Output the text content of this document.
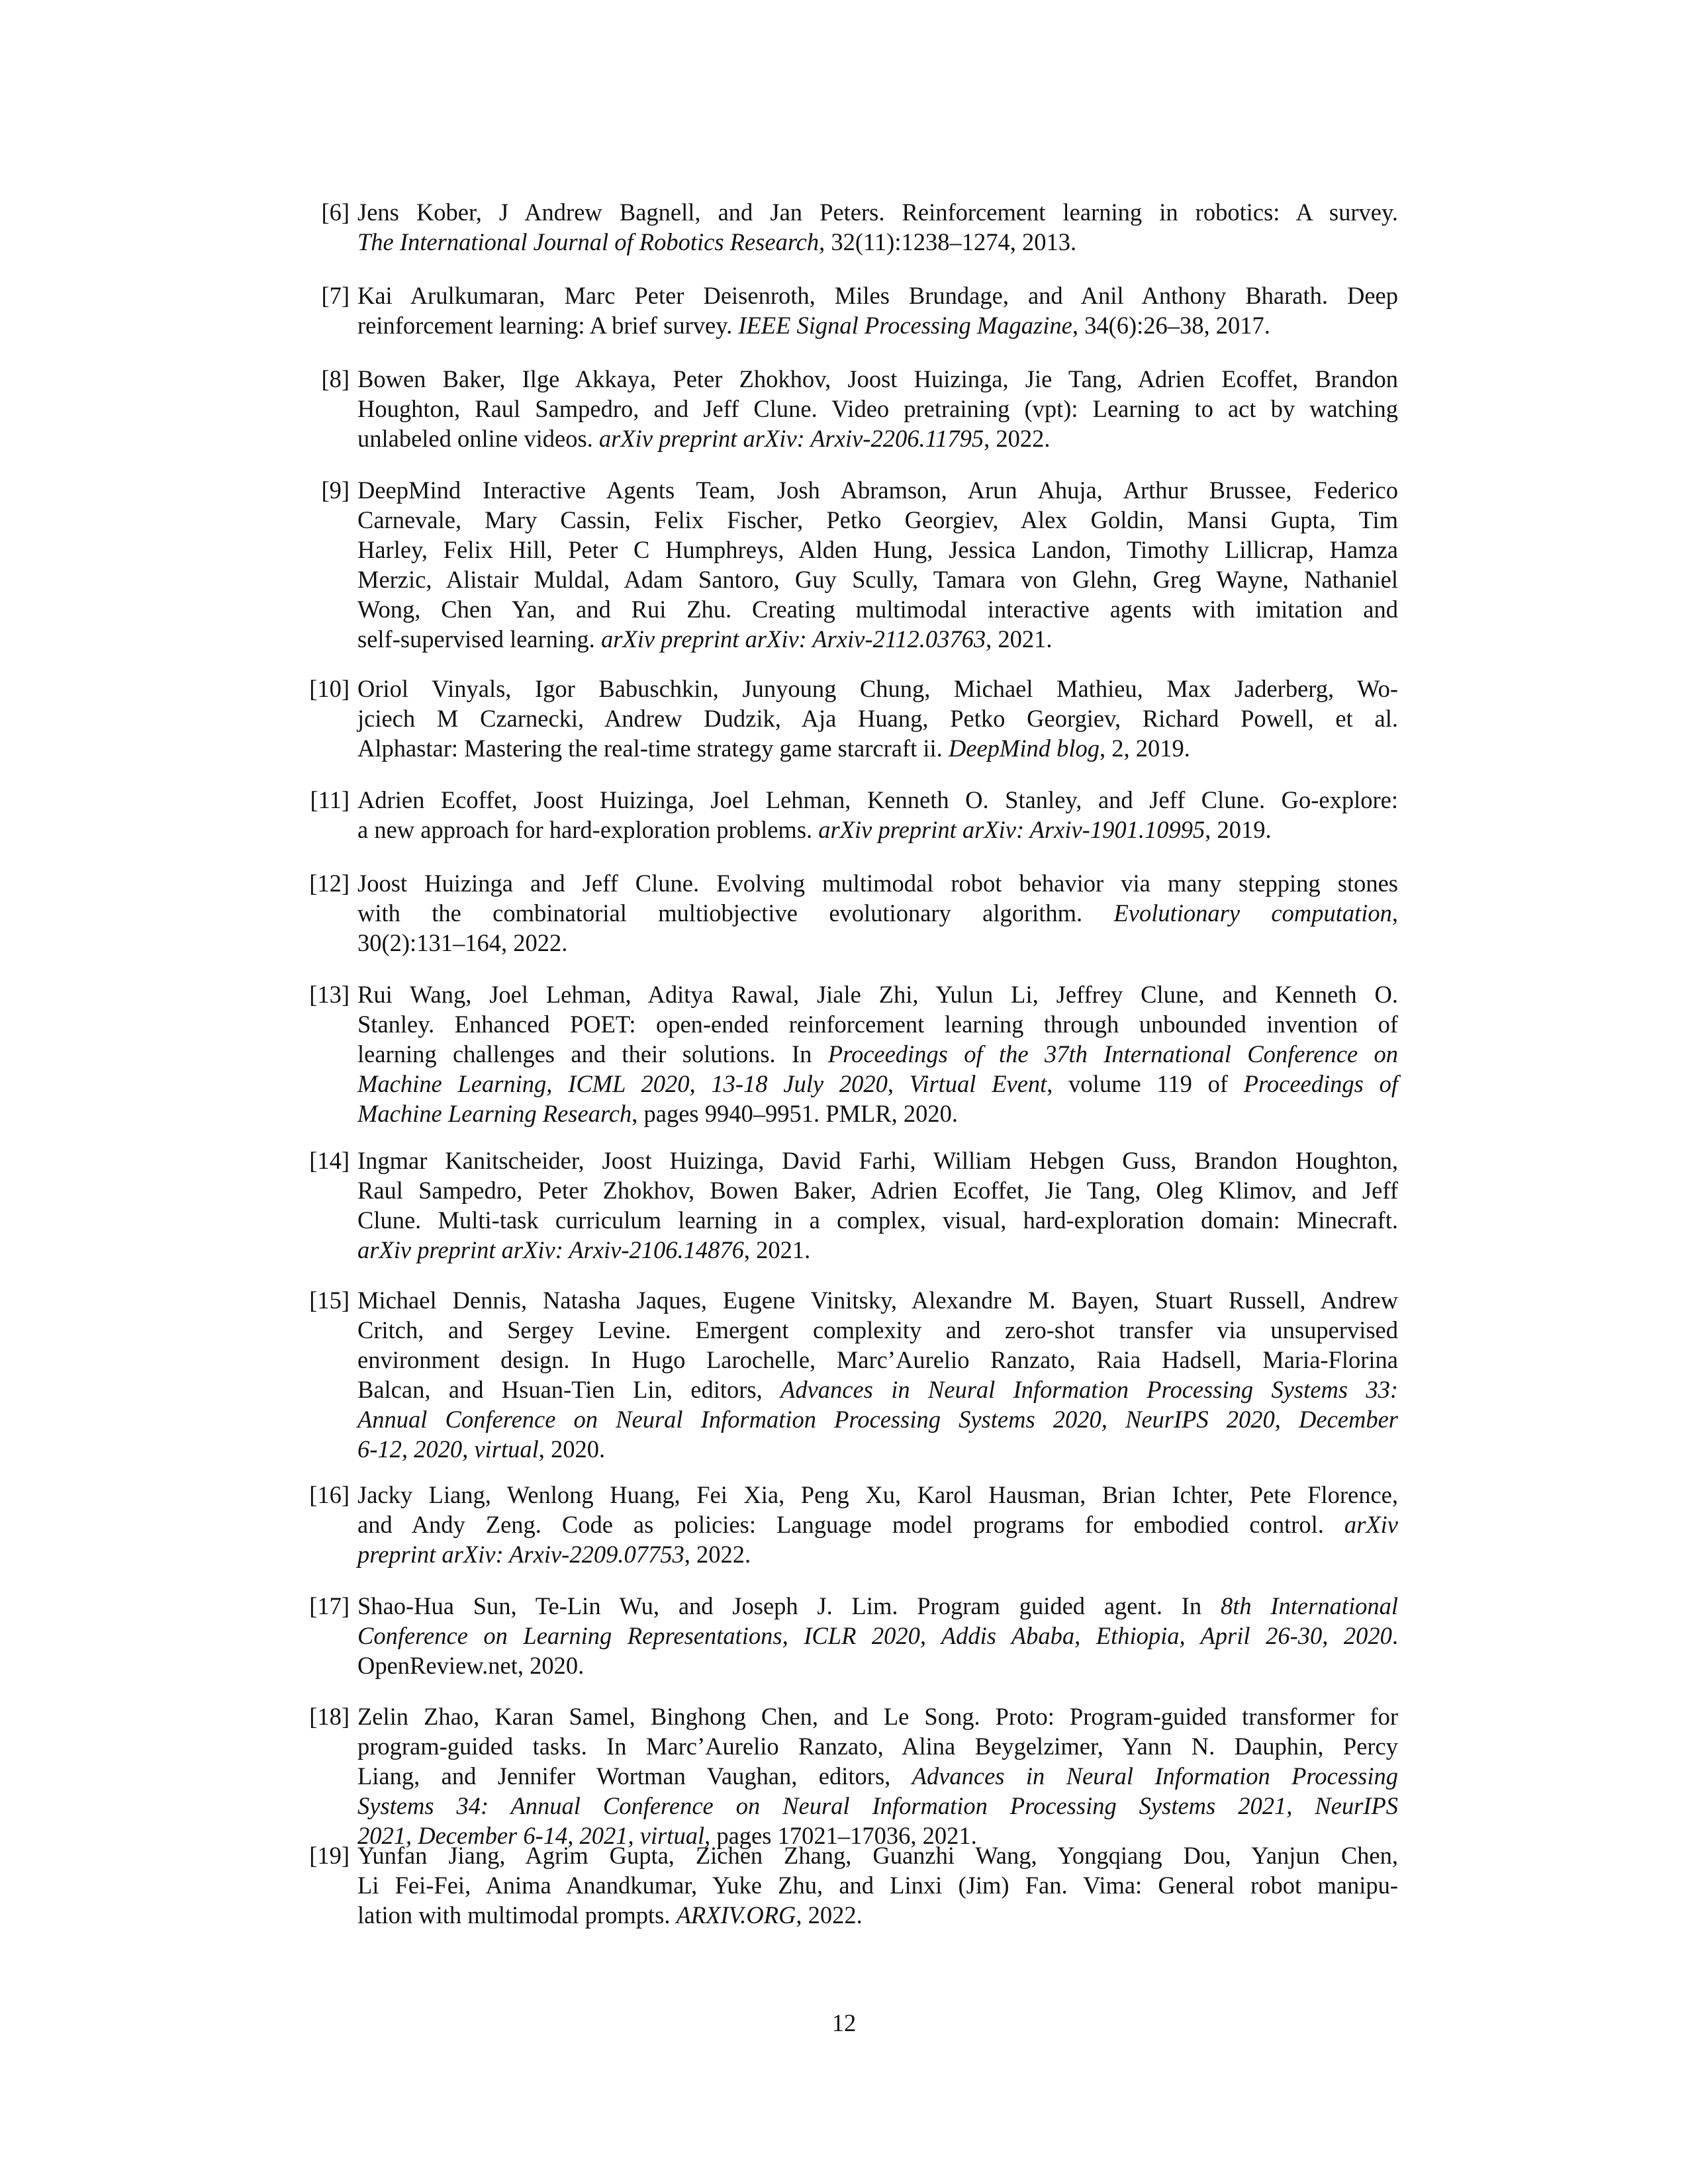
[6] Jens Kober, J Andrew Bagnell, and Jan Peters. Reinforcement learning in robotics: A survey.
The International Journal of Robotics Research, 32(11):1238–1274, 2013.
[7] Kai Arulkumaran, Marc Peter Deisenroth, Miles Brundage, and Anil Anthony Bharath. Deep
reinforcement learning: A brief survey. IEEE Signal Processing Magazine, 34(6):26–38, 2017.
[8] Bowen Baker, Ilge Akkaya, Peter Zhokhov, Joost Huizinga, Jie Tang, Adrien Ecoffet, Brandon
Houghton, Raul Sampedro, and Jeff Clune. Video pretraining (vpt): Learning to act by watching
unlabeled online videos. arXiv preprint arXiv: Arxiv-2206.11795, 2022.
[9] DeepMind Interactive Agents Team, Josh Abramson, Arun Ahuja, Arthur Brussee, Federico
Carnevale, Mary Cassin, Felix Fischer, Petko Georgiev, Alex Goldin, Mansi Gupta, Tim
Harley, Felix Hill, Peter C Humphreys, Alden Hung, Jessica Landon, Timothy Lillicrap, Hamza
Merzic, Alistair Muldal, Adam Santoro, Guy Scully, Tamara von Glehn, Greg Wayne, Nathaniel
Wong, Chen Yan, and Rui Zhu. Creating multimodal interactive agents with imitation and
self-supervised learning. arXiv preprint arXiv: Arxiv-2112.03763, 2021.
[10] Oriol Vinyals, Igor Babuschkin, Junyoung Chung, Michael Mathieu, Max Jaderberg, Wo-
jciech M Czarnecki, Andrew Dudzik, Aja Huang, Petko Georgiev, Richard Powell, et al.
Alphastar: Mastering the real-time strategy game starcraft ii. DeepMind blog, 2, 2019.
[11] Adrien Ecoffet, Joost Huizinga, Joel Lehman, Kenneth O. Stanley, and Jeff Clune. Go-explore:
a new approach for hard-exploration problems. arXiv preprint arXiv: Arxiv-1901.10995, 2019.
[12] Joost Huizinga and Jeff Clune. Evolving multimodal robot behavior via many stepping stones
with the combinatorial multiobjective evolutionary algorithm. Evolutionary computation,
30(2):131–164, 2022.
[13] Rui Wang, Joel Lehman, Aditya Rawal, Jiale Zhi, Yulun Li, Jeffrey Clune, and Kenneth O.
Stanley. Enhanced POET: open-ended reinforcement learning through unbounded invention of
learning challenges and their solutions. In Proceedings of the 37th International Conference on
Machine Learning, ICML 2020, 13-18 July 2020, Virtual Event, volume 119 of Proceedings of
Machine Learning Research, pages 9940–9951. PMLR, 2020.
[14] Ingmar Kanitscheider, Joost Huizinga, David Farhi, William Hebgen Guss, Brandon Houghton,
Raul Sampedro, Peter Zhokhov, Bowen Baker, Adrien Ecoffet, Jie Tang, Oleg Klimov, and Jeff
Clune. Multi-task curriculum learning in a complex, visual, hard-exploration domain: Minecraft.
arXiv preprint arXiv: Arxiv-2106.14876, 2021.
[15] Michael Dennis, Natasha Jaques, Eugene Vinitsky, Alexandre M. Bayen, Stuart Russell, Andrew
Critch, and Sergey Levine. Emergent complexity and zero-shot transfer via unsupervised
environment design. In Hugo Larochelle, Marc’Aurelio Ranzato, Raia Hadsell, Maria-Florina
Balcan, and Hsuan-Tien Lin, editors, Advances in Neural Information Processing Systems 33:
Annual Conference on Neural Information Processing Systems 2020, NeurIPS 2020, December
6-12, 2020, virtual, 2020.
[16] Jacky Liang, Wenlong Huang, Fei Xia, Peng Xu, Karol Hausman, Brian Ichter, Pete Florence,
and Andy Zeng. Code as policies: Language model programs for embodied control. arXiv
preprint arXiv: Arxiv-2209.07753, 2022.
[17] Shao-Hua Sun, Te-Lin Wu, and Joseph J. Lim. Program guided agent. In 8th International
Conference on Learning Representations, ICLR 2020, Addis Ababa, Ethiopia, April 26-30, 2020.
OpenReview.net, 2020.
[18] Zelin Zhao, Karan Samel, Binghong Chen, and Le Song. Proto: Program-guided transformer for
program-guided tasks. In Marc’Aurelio Ranzato, Alina Beygelzimer, Yann N. Dauphin, Percy
Liang, and Jennifer Wortman Vaughan, editors, Advances in Neural Information Processing
Systems 34: Annual Conference on Neural Information Processing Systems 2021, NeurIPS
2021, December 6-14, 2021, virtual, pages 17021–17036, 2021.
[19] Yunfan Jiang, Agrim Gupta, Zichen Zhang, Guanzhi Wang, Yongqiang Dou, Yanjun Chen,
Li Fei-Fei, Anima Anandkumar, Yuke Zhu, and Linxi (Jim) Fan. Vima: General robot manipu-
lation with multimodal prompts. ARXIV.ORG, 2022.
12
